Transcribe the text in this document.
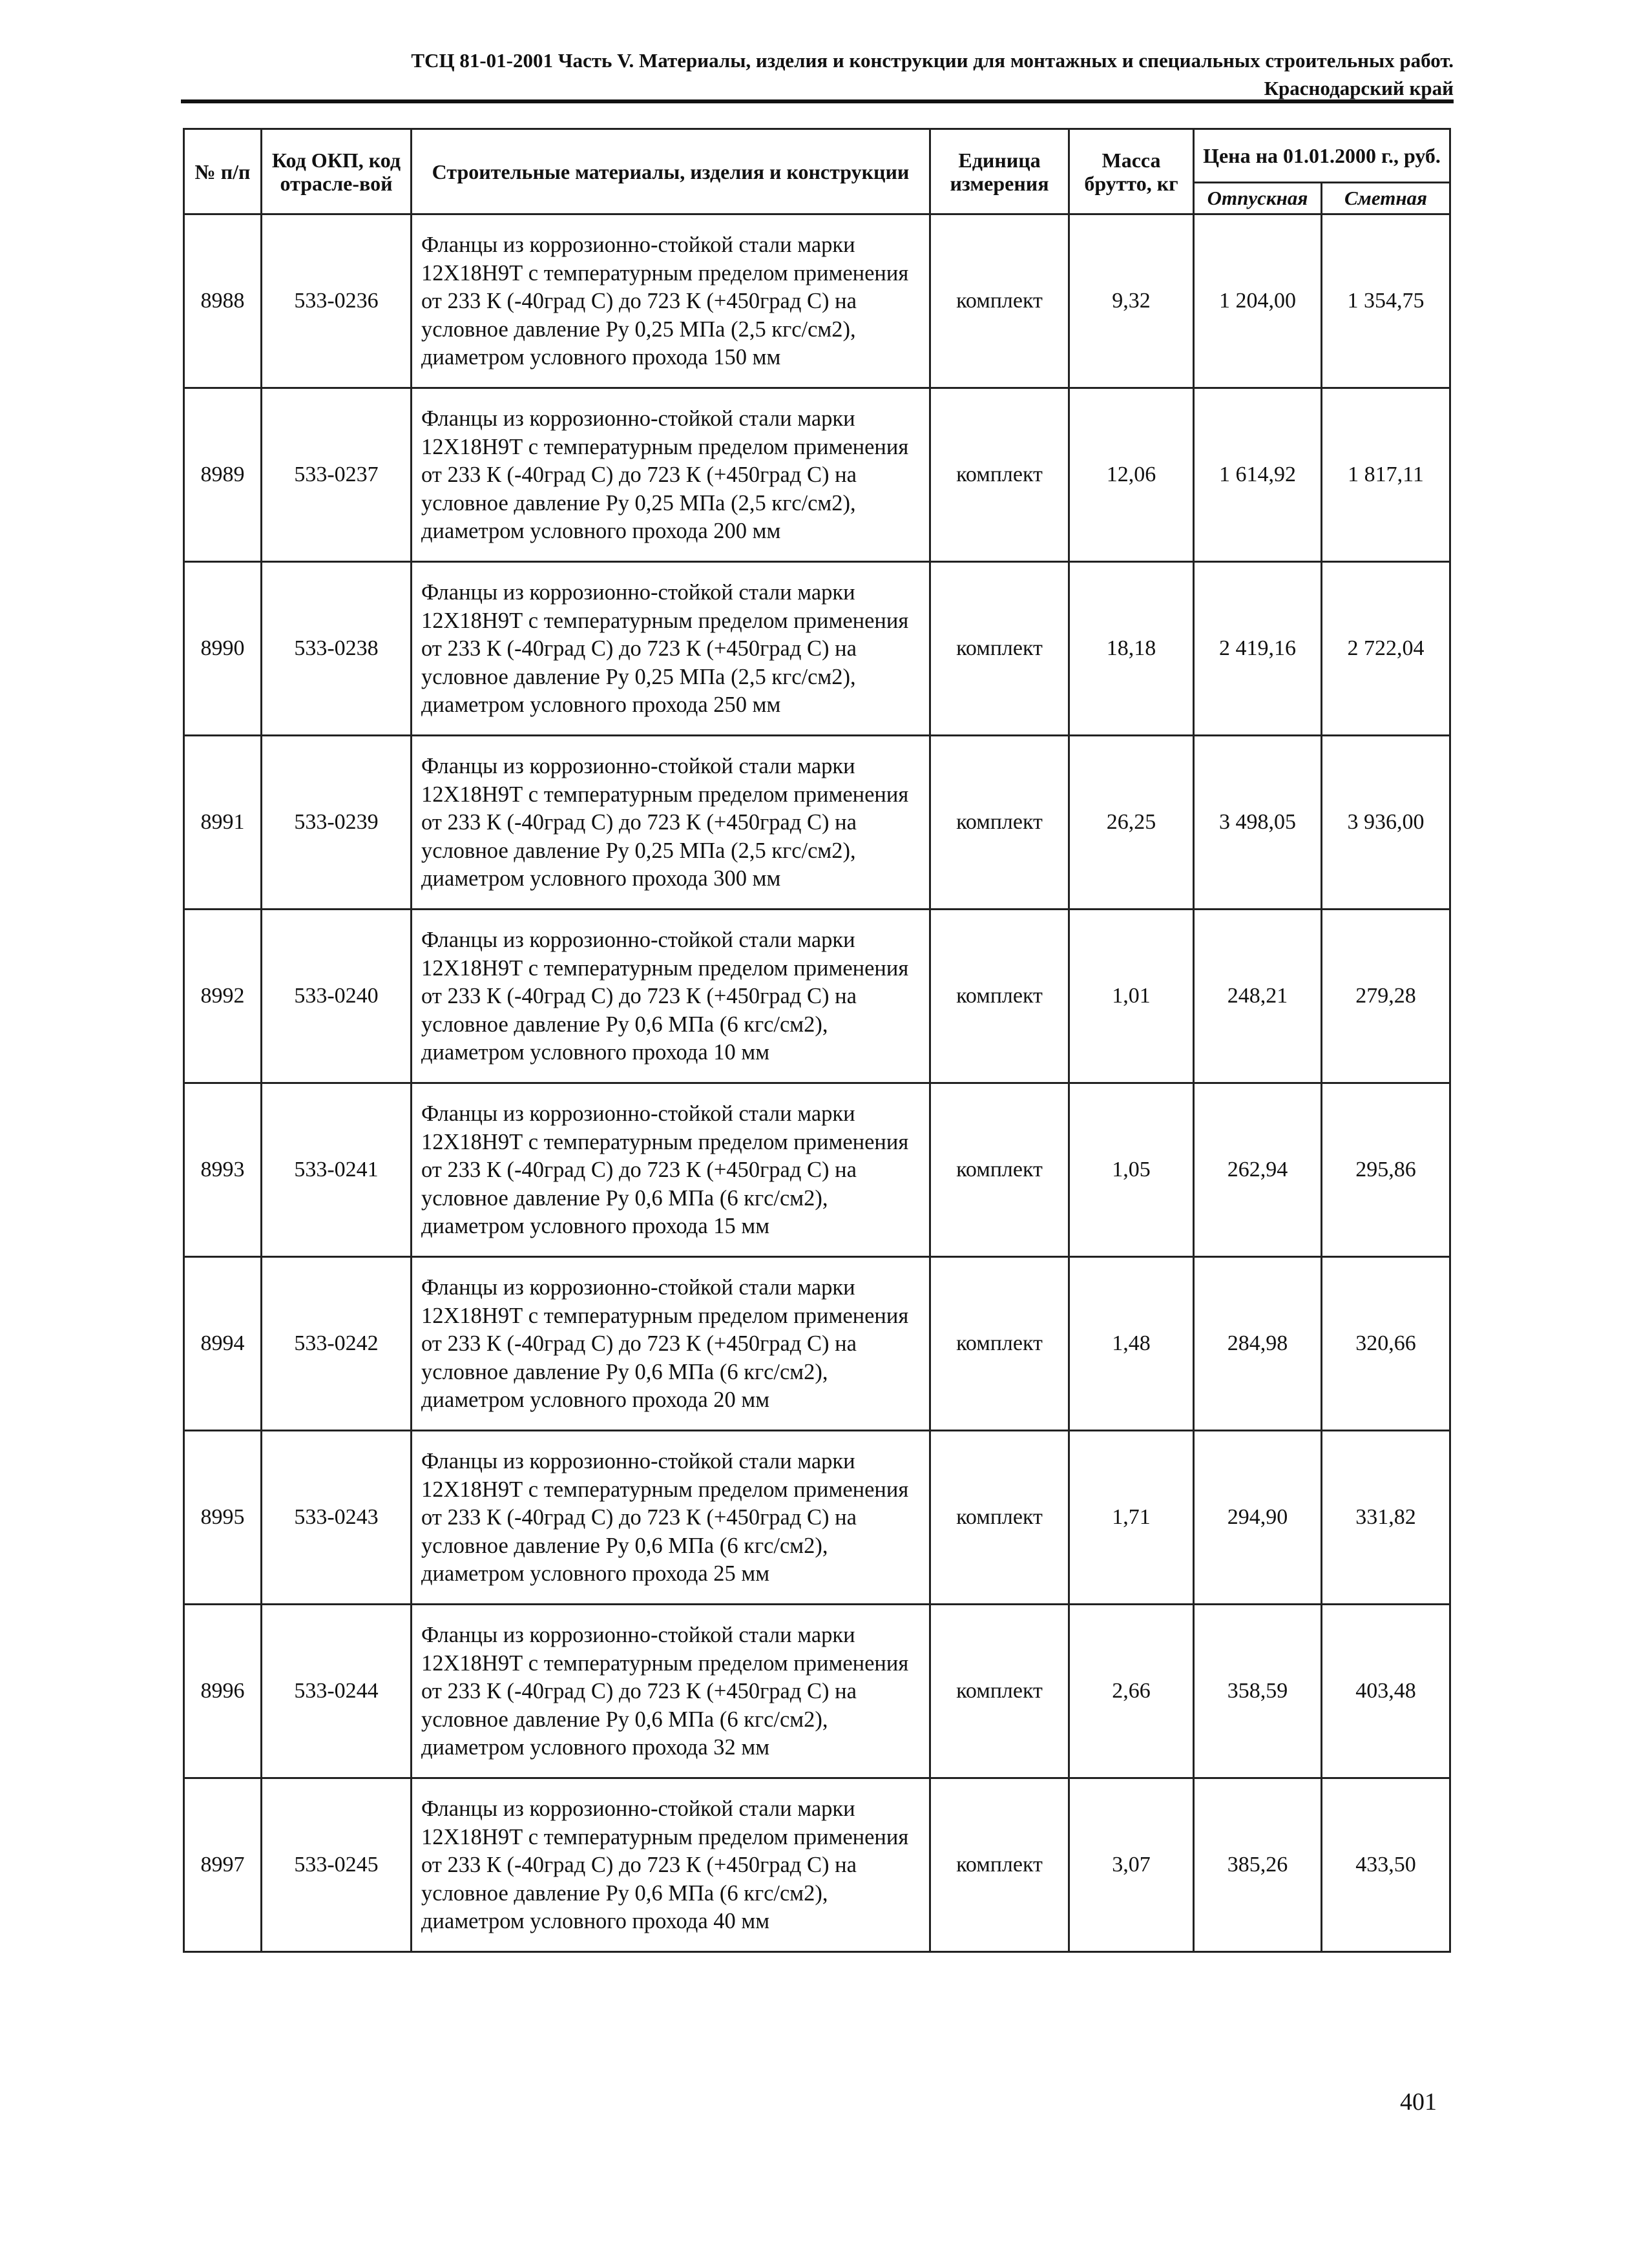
ТСЦ 81-01-2001 Часть V. Материалы, изделия и конструкции для монтажных и специальных строительных работ.
Краснодарский край
№ п/п	Код ОКП, код отрасле-вой	Строительные материалы, изделия и конструкции	Единица измерения	Масса брутто, кг	Цена на 01.01.2000 г., руб.	
					Отпускная	Сметная
8988	533-0236	Фланцы из коррозионно-стойкой стали марки 12Х18Н9Т с температурным пределом применения от 233 К (-40град С) до 723 К (+450град С) на условное давление Ру 0,25 МПа (2,5 кгс/см2), диаметром условного прохода 150 мм	комплект	9,32	1 204,00	1 354,75
8989	533-0237	Фланцы из коррозионно-стойкой стали марки 12Х18Н9Т с температурным пределом применения от 233 К (-40град С) до 723 К (+450град С) на условное давление Ру 0,25 МПа (2,5 кгс/см2), диаметром условного прохода 200 мм	комплект	12,06	1 614,92	1 817,11
8990	533-0238	Фланцы из коррозионно-стойкой стали марки 12Х18Н9Т с температурным пределом применения от 233 К (-40град С) до 723 К (+450град С) на условное давление Ру 0,25 МПа (2,5 кгс/см2), диаметром условного прохода 250 мм	комплект	18,18	2 419,16	2 722,04
8991	533-0239	Фланцы из коррозионно-стойкой стали марки 12Х18Н9Т с температурным пределом применения от 233 К (-40град С) до 723 К (+450град С) на условное давление Ру 0,25 МПа (2,5 кгс/см2), диаметром условного прохода 300 мм	комплект	26,25	3 498,05	3 936,00
8992	533-0240	Фланцы из коррозионно-стойкой стали марки 12Х18Н9Т с температурным пределом применения от 233 К (-40град С) до 723 К (+450град С) на условное давление Ру 0,6 МПа (6 кгс/см2), диаметром условного прохода 10 мм	комплект	1,01	248,21	279,28
8993	533-0241	Фланцы из коррозионно-стойкой стали марки 12Х18Н9Т с температурным пределом применения от 233 К (-40град С) до 723 К (+450град С) на условное давление Ру 0,6 МПа (6 кгс/см2), диаметром условного прохода 15 мм	комплект	1,05	262,94	295,86
8994	533-0242	Фланцы из коррозионно-стойкой стали марки 12Х18Н9Т с температурным пределом применения от 233 К (-40град С) до 723 К (+450град С) на условное давление Ру 0,6 МПа (6 кгс/см2), диаметром условного прохода 20 мм	комплект	1,48	284,98	320,66
8995	533-0243	Фланцы из коррозионно-стойкой стали марки 12Х18Н9Т с температурным пределом применения от 233 К (-40град С) до 723 К (+450град С) на условное давление Ру 0,6 МПа (6 кгс/см2), диаметром условного прохода 25 мм	комплект	1,71	294,90	331,82
8996	533-0244	Фланцы из коррозионно-стойкой стали марки 12Х18Н9Т с температурным пределом применения от 233 К (-40град С) до 723 К (+450град С) на условное давление Ру 0,6 МПа (6 кгс/см2), диаметром условного прохода 32 мм	комплект	2,66	358,59	403,48
8997	533-0245	Фланцы из коррозионно-стойкой стали марки 12Х18Н9Т с температурным пределом применения от 233 К (-40град С) до 723 К (+450град С) на условное давление Ру 0,6 МПа (6 кгс/см2), диаметром условного прохода 40 мм	комплект	3,07	385,26	433,50
401
